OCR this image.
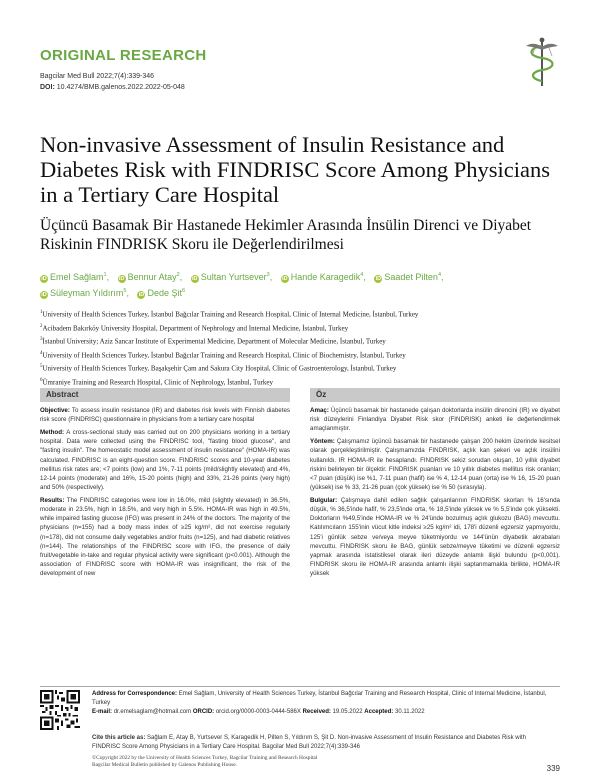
ORIGINAL RESEARCH
Bagcilar Med Bull 2022;7(4):339-346
DOI: 10.4274/BMB.galenos.2022.2022-05-048
Non-invasive Assessment of Insulin Resistance and Diabetes Risk with FINDRISC Score Among Physicians in a Tertiary Care Hospital
Üçüncü Basamak Bir Hastanede Hekimler Arasında İnsülin Direnci ve Diyabet Riskinin FINDRISK Skoru ile Değerlendirilmesi
iD Emel Sağlam$^1$, iD Bennur Atay$^2$, iD Sultan Yurtsever$^3$, iD Hande Karagedik$^4$, iD Saadet Pilten$^4$,
iD Süleyman Yıldırım$^5$, iD Dede Şit$^6$
$^1$University of Health Sciences Turkey, İstanbul Bağcılar Training and Research Hospital, Clinic of Internal Medicine, İstanbul, Turkey
$^2$Acibadem Bakırköy University Hospital, Department of Nephrology and Internal Medicine, İstanbul, Turkey
$^3$İstanbul University; Aziz Sancar Institute of Experimental Medicine, Department of Molecular Medicine, İstanbul, Turkey
$^4$University of Health Sciences Turkey, İstanbul Bağcılar Training and Research Hospital, Clinic of Biochemistry, İstanbul, Turkey
$^5$University of Health Sciences Turkey, Başakşehir Çam and Sakura City Hospital, Clinic of Gastroenterology, İstanbul, Turkey
$^6$Ümraniye Training and Research Hospital, Clinic of Nephrology, İstanbul, Turkey
Abstract

Objective: To assess insulin resistance (IR) and diabetes risk levels with Finnish diabetes risk score (FINDRISC) questionnaire in physicians from a tertiary care hospital

Method: A cross-sectional study was carried out on 200 physicians working in a tertiary hospital. Data were collected using the FINDRISC tool, "fasting blood glucose", and "fasting insulin". The homeostatic model assessment of insulin resistance" (HOMA-IR) was calculated. FINDRISC is an eight-question score. FINDRISC scores and 10-year diabetes mellitus risk rates are; <7 points (low) and 1%, 7-11 points (mild/slightly elevated) and 4%, 12-14 points (moderate) and 16%, 15-20 points (high) and 33%, 21-26 points (very high) and 50% (respectively).

Results: The FINDRISC categories were low in 16.0%, mild (slightly elevated) in 36.5%, moderate in 23.5%, high in 18.5%, and very high in 5.5%. HOMA-IR was high in 49.5%, while impaired fasting glucose (IFG) was present in 24% of the doctors. The majority of the physicians (n=155) had a body mass index of ≥25 kg/m², did not exercise regularly (n=178), did not consume daily vegetables and/or fruits (n=125), and had diabetic relatives (n=144). The relationships of the FINDRISC score with IFG, the presence of daily fruit/vegetable in-take and regular physical activity were significant (p<0.001). Although the association of FINDRISC score with HOMA-IR was insignificant, the risk of the development of new

Öz

Amaç: Üçüncü basamak bir hastanede çalışan doktorlarda insülin direncini (IR) ve diyabet risk düzeylerini Finlandiya Diyabet Risk skor (FINDRISK) anketi ile değerlendirmek amaçlanmıştır.

Yöntem: Çalışmamız üçüncü basamak bir hastanede çalışan 200 hekim üzerinde kesitsel olarak gerçekleştirilmiştir. Çalışmamızda FINDRISK, açlık kan şekeri ve açlık insülini kullanıldı. IR HOMA-IR ile hesaplandı. FINDRISK sekiz sorudan oluşan, 10 yıllık diyabet riskini belirleyen bir ölçektir. FINDRISK puanları ve 10 yıllık diabetes mellitus risk oranları; <7 puan (düşük) ise %1, 7-11 puan (hafif) ise % 4, 12-14 puan (orta) ise % 16, 15-20 puan (yüksek) ise % 33, 21-26 puan (çok yüksek) ise % 50 (sırasıyla).

Bulgular: Çalışmaya dahil edilen sağlık çalışanlarının FINDRISK skorları % 16'sında düşük, % 36,5'inde hafif, % 23,5'inde orta, % 18,5'inde yüksek ve % 5,5'inde çok yüksekti. Doktorların %49,5'inde HOMA-IR ve % 24'ünde bozulmuş açlık glukozu (BAG) mevcuttu. Katılımcıların 155'inin vücut kitle indeksi ≥25 kg/m² idi, 178'i düzenli egzersiz yapmıyordu, 125'i günlük sebze ve/veya meyve tüketmiyordu ve 144'ünün diyabetik akrabaları mevcuttu. FINDRISK skoru ile BAG, günlük sebze/meyve tüketimi ve düzenli egzersiz yapmak arasında istatistiksel olarak ileri düzeyde anlamlı ilişki bulundu (p<0,001). FINDRISK skoru ile HOMA-IR arasında anlamlı ilişki saptanmamakla birlikte, HOMA-IR yüksek

Address for Correspondence: Emel Sağlam, University of Health Sciences Turkey, İstanbul Bağcılar Training and Research Hospital, Clinic of Internal Medicine, İstanbul, Turkey
E-mail: dr.emelsaglam@hotmail.com ORCID: orcid.org/0000-0003-0444-586X Received: 19.05.2022 Accepted: 30.11.2022
Cite this article as: Sağlam E, Atay B, Yurtsever S, Karagedik H, Pilten S, Yıldırım S, Şit D. Non-invasive Assessment of Insulin Resistance and Diabetes Risk with FINDRISC Score Among Physicians in a Tertiary Care Hospital. Bagcilar Med Bull 2022;7(4):339-346
©Copyright 2022 by the University of Health Sciences Turkey, Bagcilar Training and Research Hospital
Bagcilar Medical Bulletin published by Galenos Publishing House.	339
